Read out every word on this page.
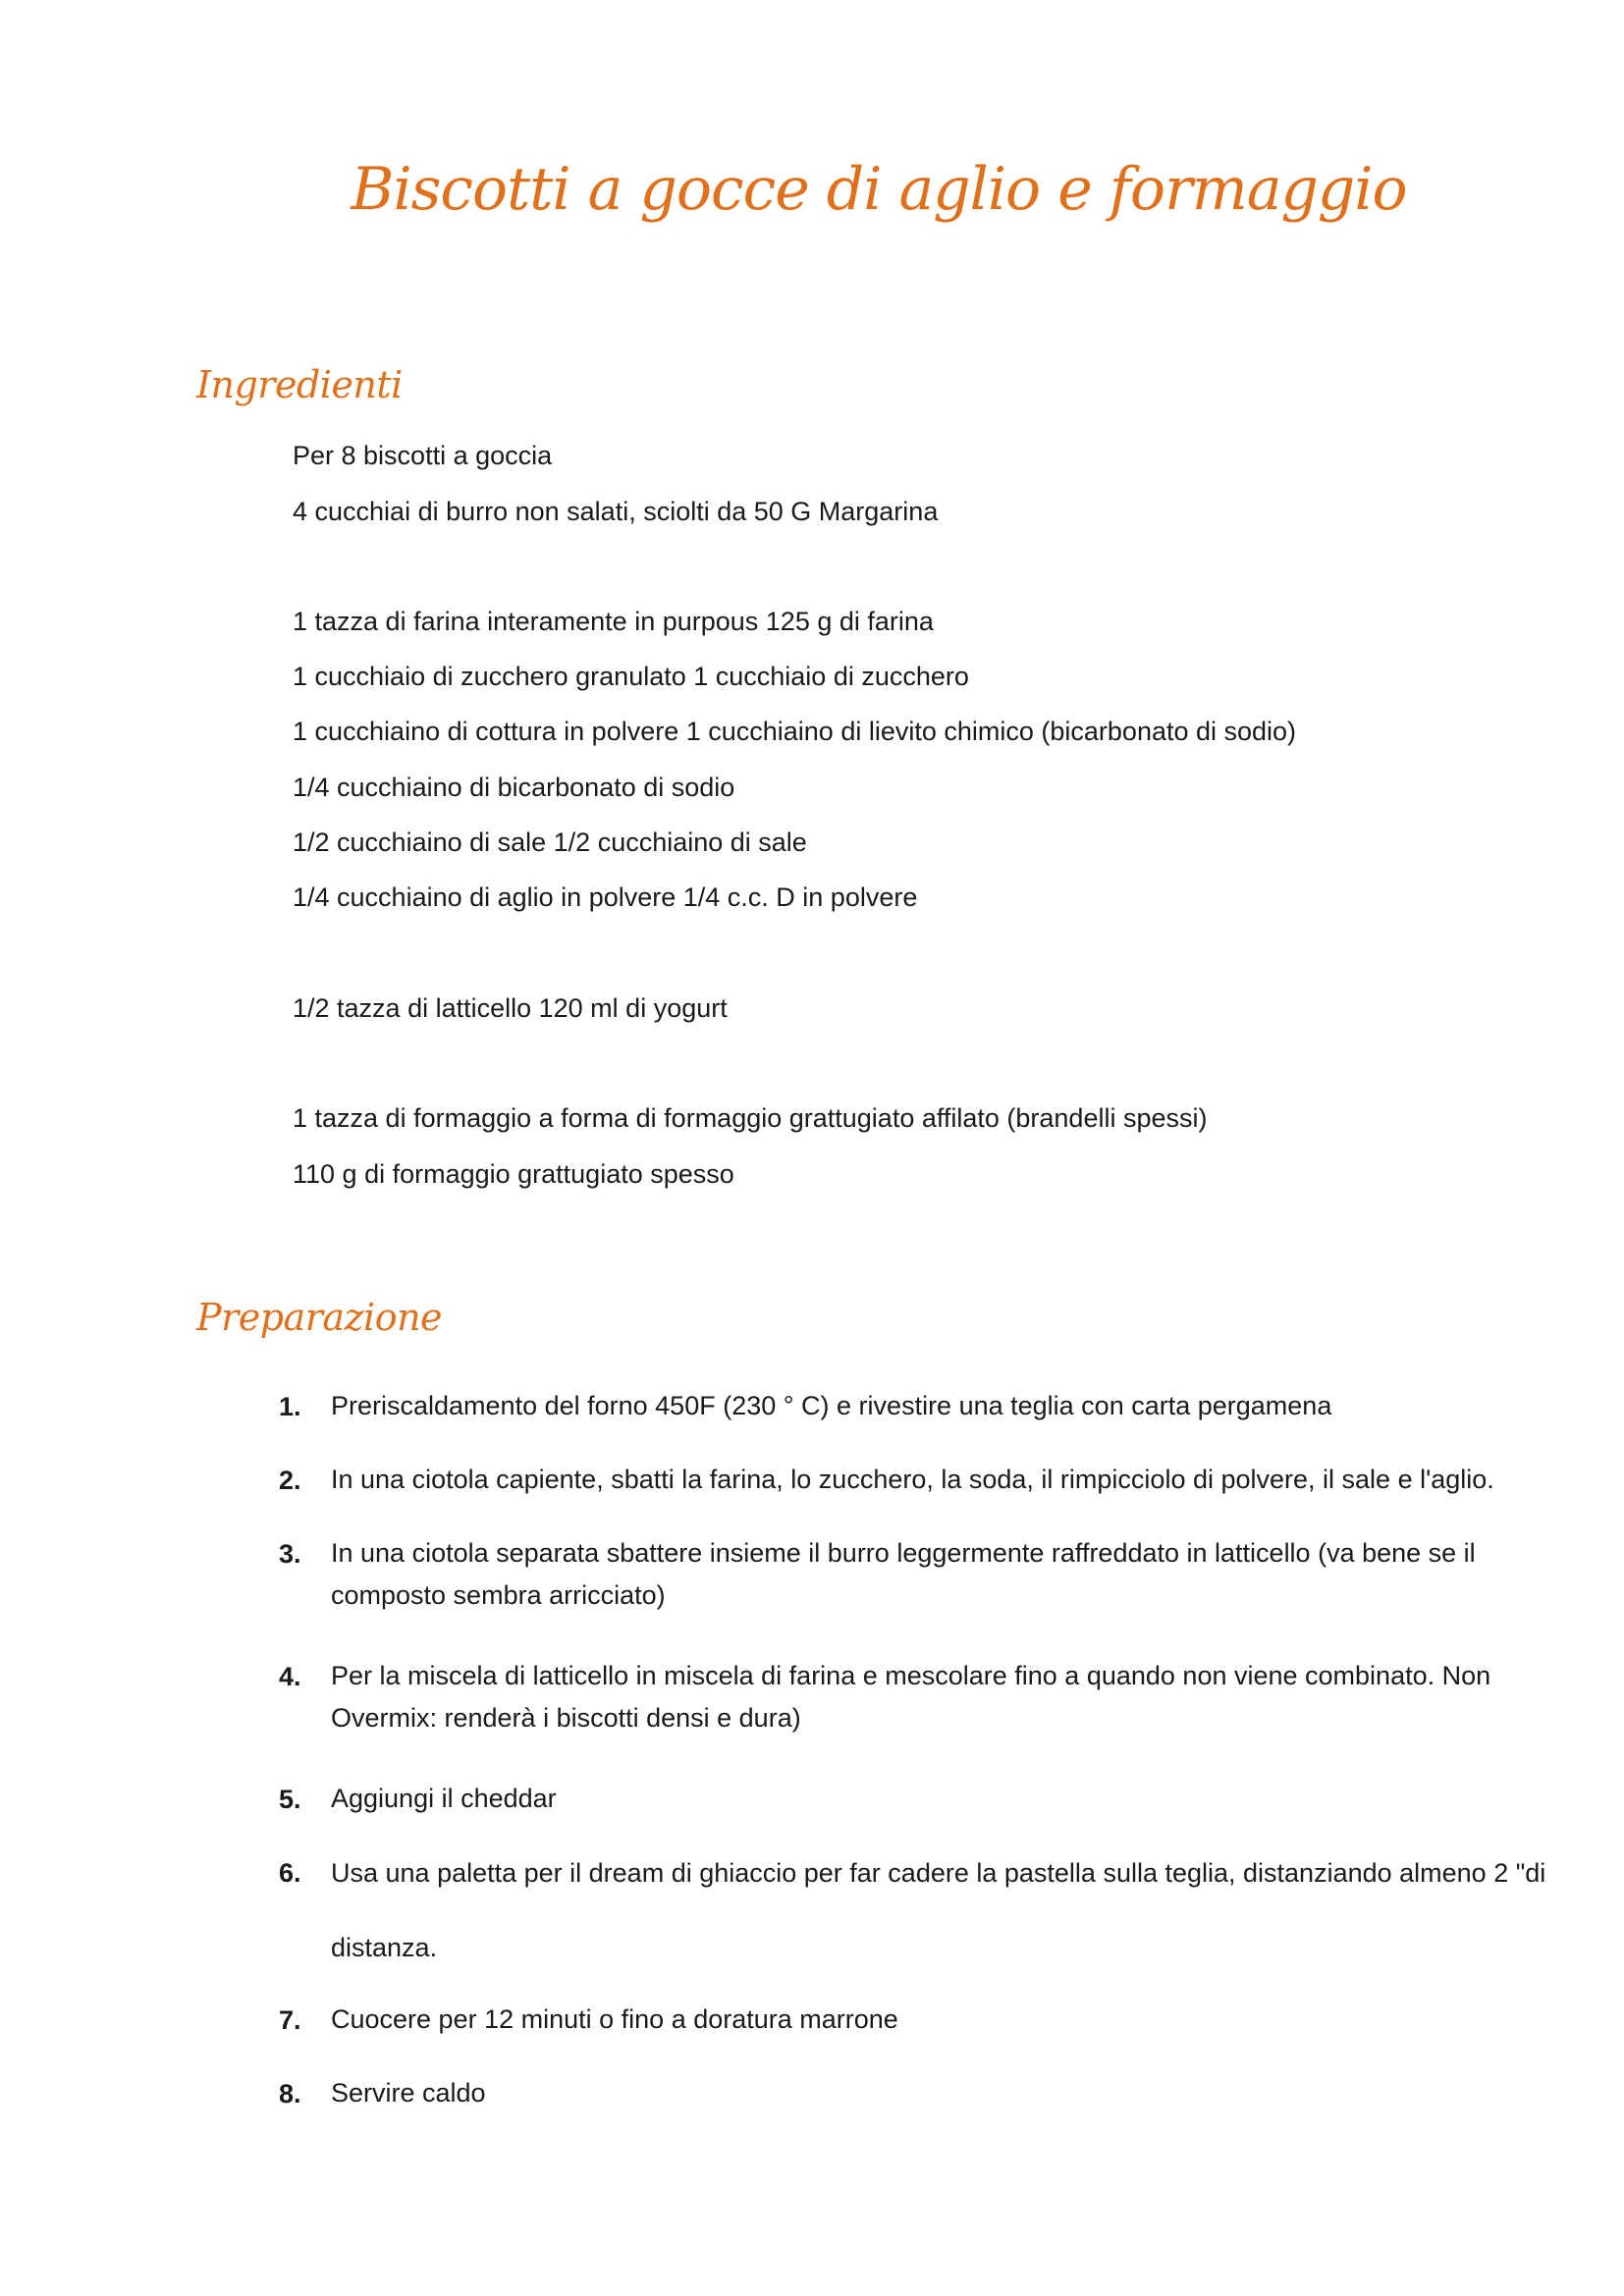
Biscotti a gocce di aglio e formaggio
Ingredienti
Per 8 biscotti a goccia
4 cucchiai di burro non salati, sciolti da 50 G Margarina
1 tazza di farina interamente in purpous 125 g di farina
1 cucchiaio di zucchero granulato 1 cucchiaio di zucchero
1 cucchiaino di cottura in polvere 1 cucchiaino di lievito chimico (bicarbonato di sodio)
1/4 cucchiaino di bicarbonato di sodio
1/2 cucchiaino di sale 1/2 cucchiaino di sale
1/4 cucchiaino di aglio in polvere 1/4 c.c. D in polvere
1/2 tazza di latticello 120 ml di yogurt
1 tazza di formaggio a forma di formaggio grattugiato affilato (brandelli spessi)
110 g di formaggio grattugiato spesso
Preparazione
1. Preriscaldamento del forno 450F (230 ° C) e rivestire una teglia con carta pergamena
2. In una ciotola capiente, sbatti la farina, lo zucchero, la soda, il rimpicciolo di polvere, il sale e l'aglio.
3. In una ciotola separata sbattere insieme il burro leggermente raffreddato in latticello (va bene se il composto sembra arricciato)
4. Per la miscela di latticello in miscela di farina e mescolare fino a quando non viene combinato. Non Overmix: renderà i biscotti densi e dura)
5. Aggiungi il cheddar
6. Usa una paletta per il dream di ghiaccio per far cadere la pastella sulla teglia, distanziando almeno 2 "di distanza.
7. Cuocere per 12 minuti o fino a doratura marrone
8. Servire caldo
